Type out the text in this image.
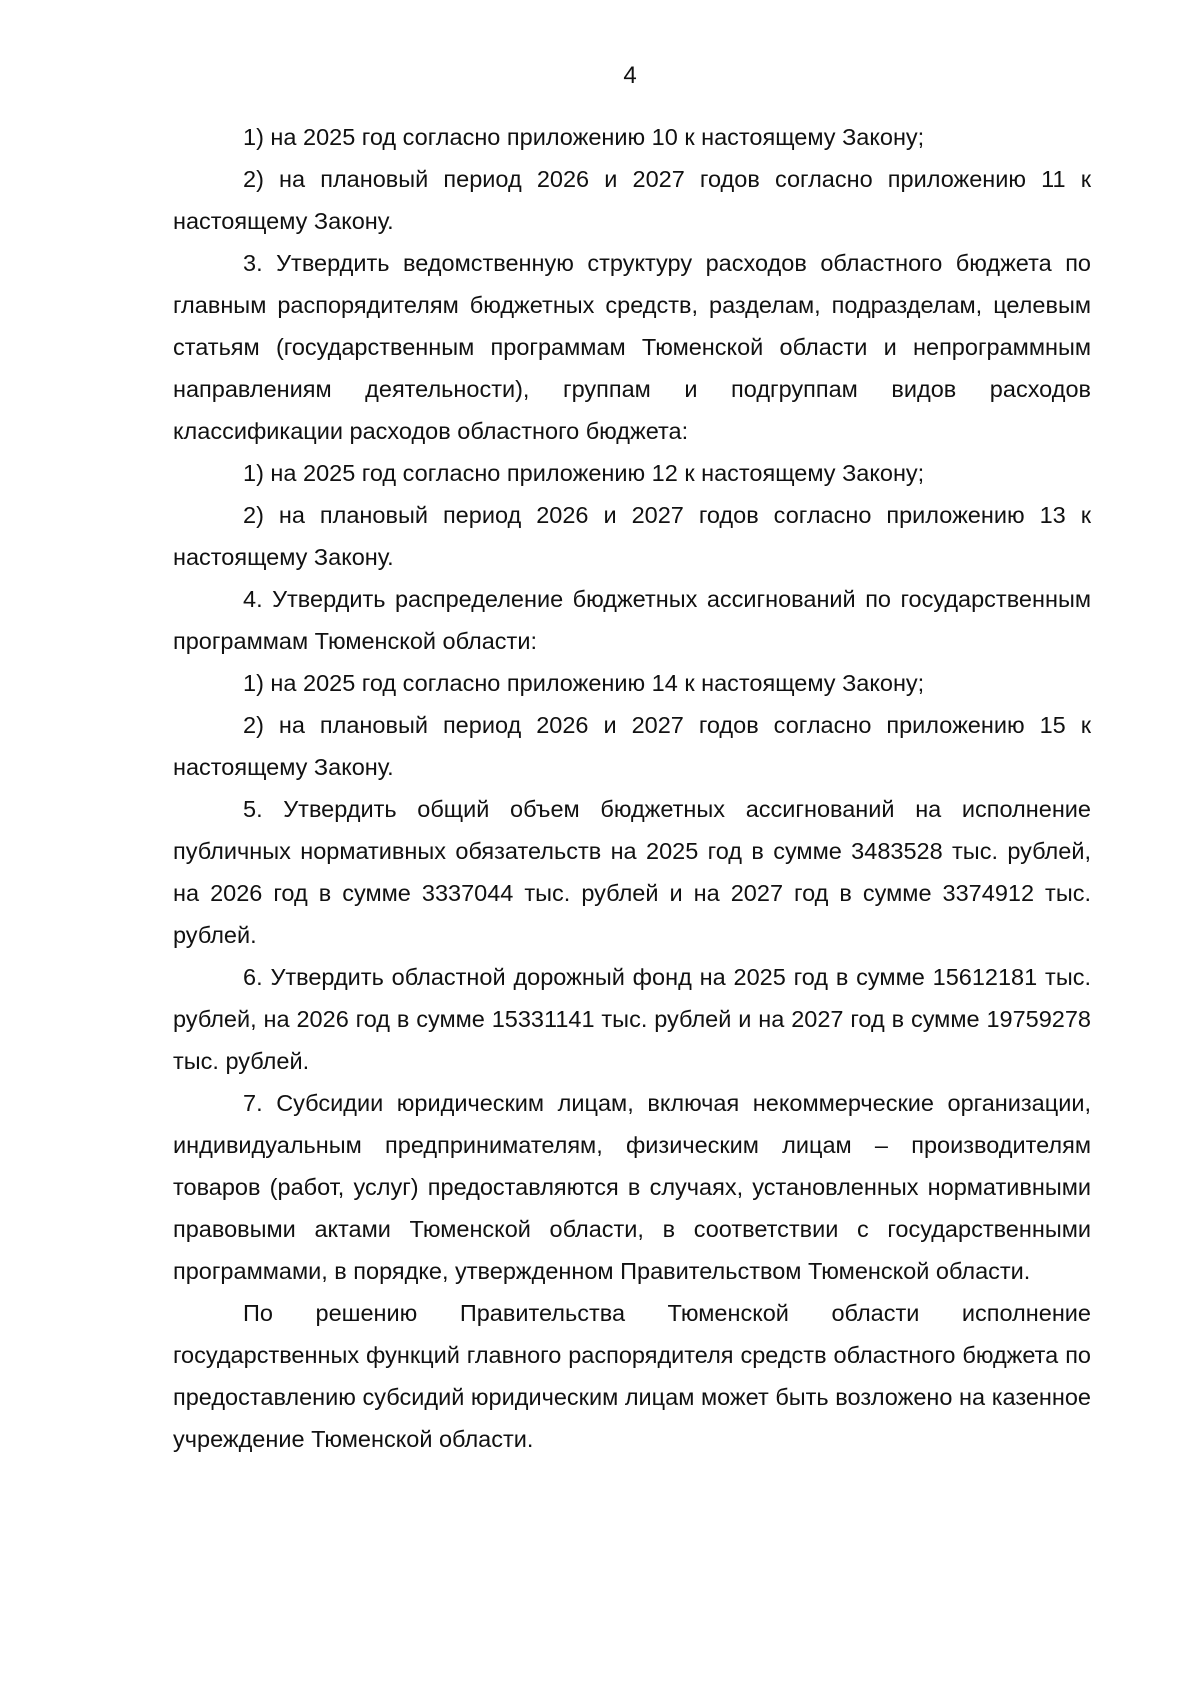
4

1) на 2025 год согласно приложению 10 к настоящему Закону;

2) на плановый период 2026 и 2027 годов согласно приложению 11 к настоящему Закону.

3. Утвердить ведомственную структуру расходов областного бюджета по главным распорядителям бюджетных средств, разделам, подразделам, целевым статьям (государственным программам Тюменской области и непрограммным направлениям деятельности), группам и подгруппам видов расходов классификации расходов областного бюджета:

1) на 2025 год согласно приложению 12 к настоящему Закону;

2) на плановый период 2026 и 2027 годов согласно приложению 13 к настоящему Закону.

4. Утвердить распределение бюджетных ассигнований по государственным программам Тюменской области:

1) на 2025 год согласно приложению 14 к настоящему Закону;

2) на плановый период 2026 и 2027 годов согласно приложению 15 к настоящему Закону.

5. Утвердить общий объем бюджетных ассигнований на исполнение публичных нормативных обязательств на 2025 год в сумме 3483528 тыс. рублей, на 2026 год в сумме 3337044 тыс. рублей и на 2027 год в сумме 3374912 тыс. рублей.

6. Утвердить областной дорожный фонд на 2025 год в сумме 15612181 тыс. рублей, на 2026 год в сумме 15331141 тыс. рублей и на 2027 год в сумме 19759278 тыс. рублей.

7. Субсидии юридическим лицам, включая некоммерческие организации, индивидуальным предпринимателям, физическим лицам – производителям товаров (работ, услуг) предоставляются в случаях, установленных нормативными правовыми актами Тюменской области, в соответствии с государственными программами, в порядке, утвержденном Правительством Тюменской области.

По решению Правительства Тюменской области исполнение государственных функций главного распорядителя средств областного бюджета по предоставлению субсидий юридическим лицам может быть возложено на казенное учреждение Тюменской области.
